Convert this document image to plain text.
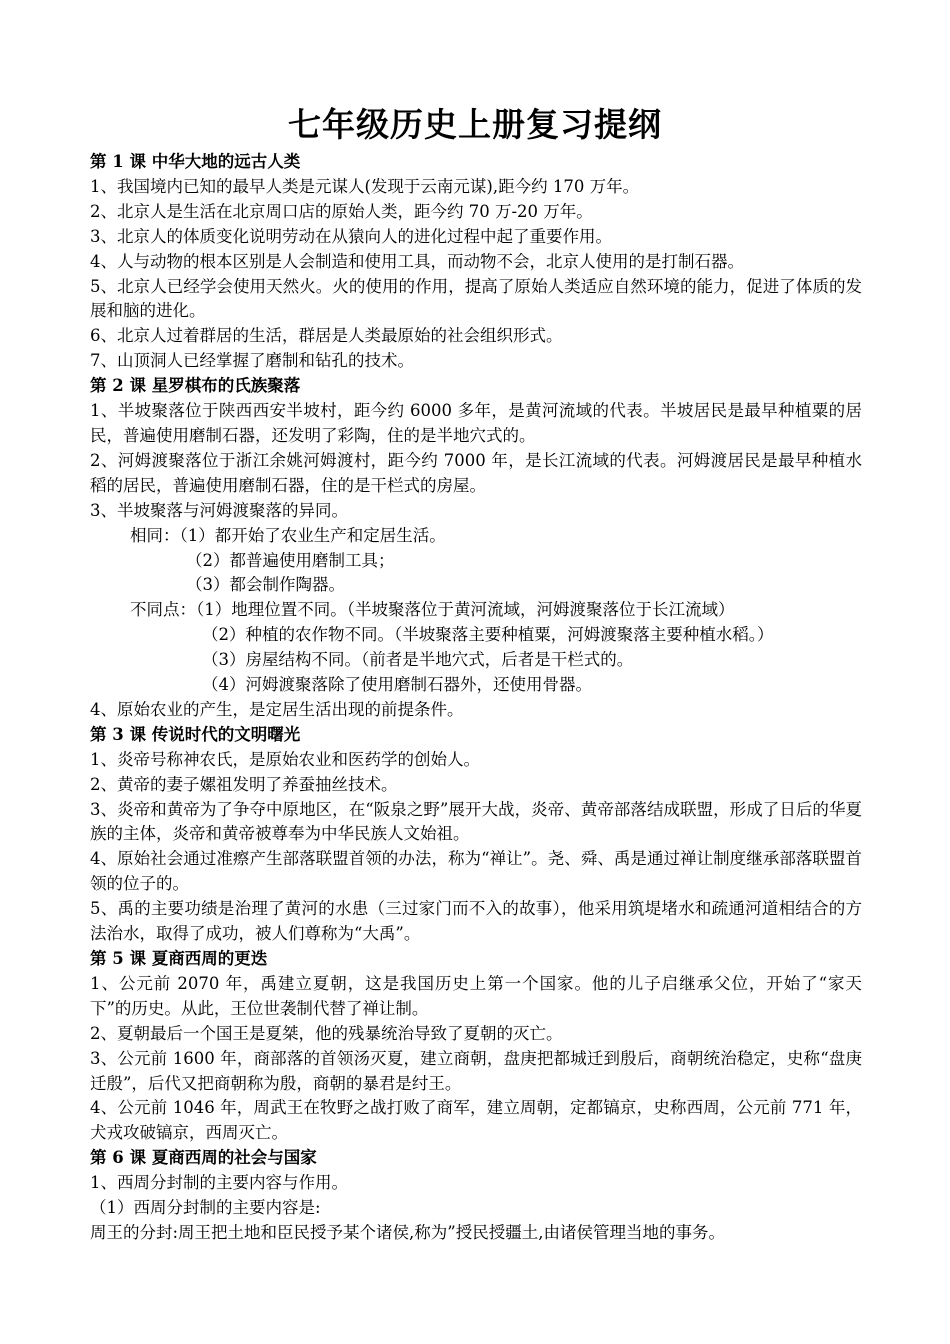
七年级历史上册复习提纲

第 1 课 中华大地的远古人类

1、我国境内已知的最早人类是元谋人(发现于云南元谋),距今约 170 万年。

2、北京人是生活在北京周口店的原始人类，距今约 70 万-20 万年。

3、北京人的体质变化说明劳动在从猿向人的进化过程中起了重要作用。

4、人与动物的根本区别是人会制造和使用工具，而动物不会，北京人使用的是打制石器。

5、北京人已经学会使用天然火。火的使用的作用，提高了原始人类适应自然环境的能力，促进了体质的发展和脑的进化。

6、北京人过着群居的生活，群居是人类最原始的社会组织形式。

7、山顶洞人已经掌握了磨制和钻孔的技术。

第 2 课 星罗棋布的氏族聚落

1、半坡聚落位于陕西西安半坡村，距今约 6000 多年，是黄河流域的代表。半坡居民是最早种植粟的居民，普遍使用磨制石器，还发明了彩陶，住的是半地穴式的。

2、河姆渡聚落位于浙江余姚河姆渡村，距今约 7000 年，是长江流域的代表。河姆渡居民是最早种植水稻的居民，普遍使用磨制石器，住的是干栏式的房屋。

3、半坡聚落与河姆渡聚落的异同。

相同：（1）都开始了农业生产和定居生活。

（2）都普遍使用磨制工具；

（3）都会制作陶器。

不同点：（1）地理位置不同。（半坡聚落位于黄河流域，河姆渡聚落位于长江流域）

（2）种植的农作物不同。（半坡聚落主要种植粟，河姆渡聚落主要种植水稻。）

（3）房屋结构不同。（前者是半地穴式，后者是干栏式的。

（4）河姆渡聚落除了使用磨制石器外，还使用骨器。

4、原始农业的产生，是定居生活出现的前提条件。

第 3 课 传说时代的文明曙光

1、炎帝号称神农氏，是原始农业和医药学的创始人。

2、黄帝的妻子嫘祖发明了养蚕抽丝技术。

3、炎帝和黄帝为了争夺中原地区，在“阪泉之野”展开大战，炎帝、黄帝部落结成联盟，形成了日后的华夏族的主体，炎帝和黄帝被尊奉为中华民族人文始祖。

4、原始社会通过准瘵产生部落联盟首领的办法，称为“禅让”。尧、舜、禹是通过禅让制度继承部落联盟首领的位子的。

5、禹的主要功绩是治理了黄河的水患（三过家门而不入的故事），他采用筑堤堵水和疏通河道相结合的方法治水，取得了成功，被人们尊称为“大禹”。

第 5 课 夏商西周的更迭

1、公元前 2070 年，禹建立夏朝，这是我国历史上第一个国家。他的儿子启继承父位，开始了“家天下”的历史。从此，王位世袭制代替了禅让制。

2、夏朝最后一个国王是夏桀，他的残暴统治导致了夏朝的灭亡。

3、公元前 1600 年，商部落的首领汤灭夏，建立商朝，盘庚把都城迁到殷后，商朝统治稳定，史称“盘庚迁殷”，后代又把商朝称为殷，商朝的暴君是纣王。

4、公元前 1046 年，周武王在牧野之战打败了商军，建立周朝，定都镐京，史称西周，公元前 771 年，犬戎攻破镐京，西周灭亡。

第 6 课 夏商西周的社会与国家

1、西周分封制的主要内容与作用。

（1）西周分封制的主要内容是:

周王的分封:周王把土地和臣民授予某个诸侯,称为”授民授疆土,由诸侯管理当地的事务。
